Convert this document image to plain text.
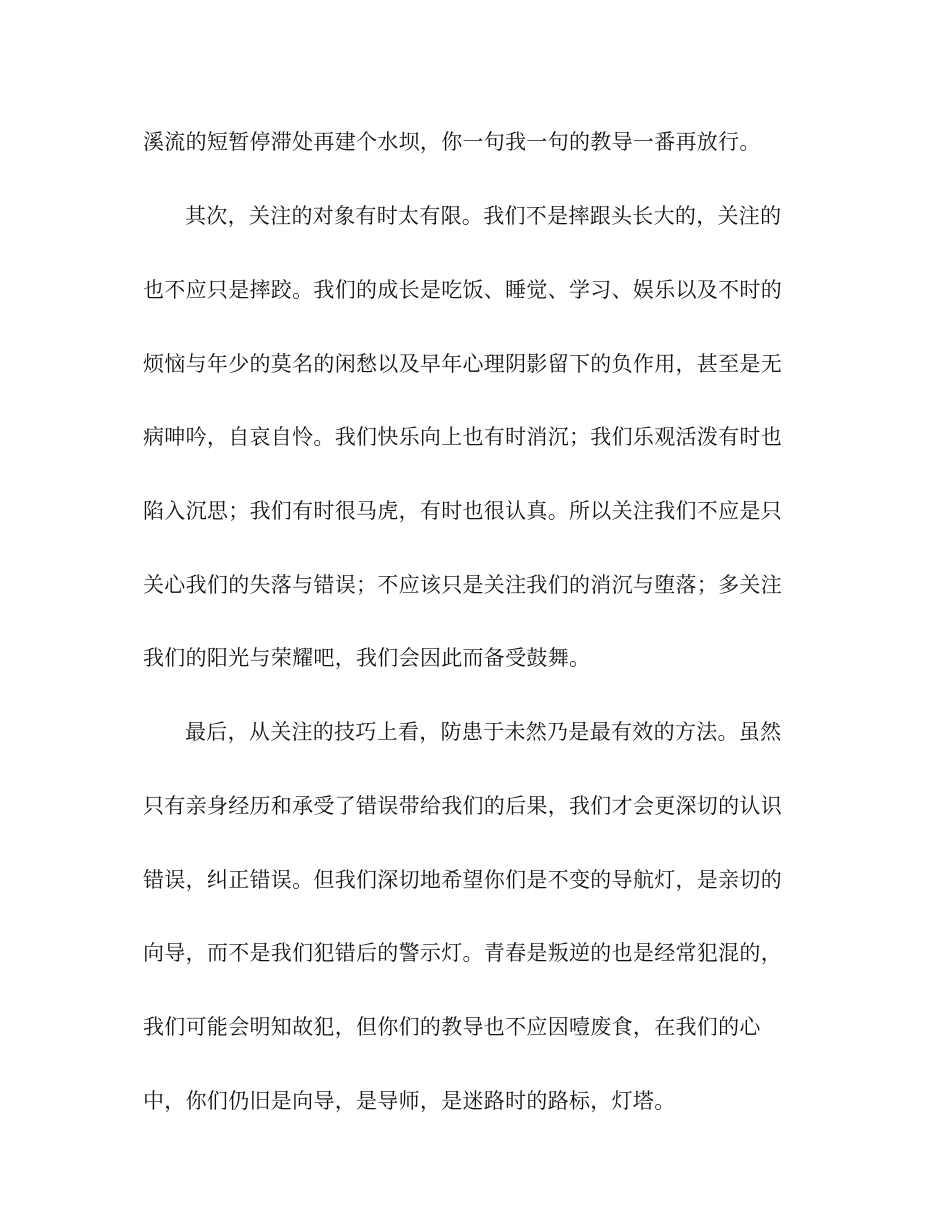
溪流的短暂停滞处再建个水坝，你一句我一句的教导一番再放行。

其次，关注的对象有时太有限。我们不是摔跟头长大的，关注的

也不应只是摔跤。我们的成长是吃饭、睡觉、学习、娱乐以及不时的

烦恼与年少的莫名的闲愁以及早年心理阴影留下的负作用，甚至是无

病呻吟，自哀自怜。我们快乐向上也有时消沉；我们乐观活泼有时也

陷入沉思；我们有时很马虎，有时也很认真。所以关注我们不应是只

关心我们的失落与错误；不应该只是关注我们的消沉与堕落；多关注

我们的阳光与荣耀吧，我们会因此而备受鼓舞。

最后，从关注的技巧上看，防患于未然乃是最有效的方法。虽然

只有亲身经历和承受了错误带给我们的后果，我们才会更深切的认识

错误，纠正错误。但我们深切地希望你们是不变的导航灯，是亲切的

向导，而不是我们犯错后的警示灯。青春是叛逆的也是经常犯混的，

我们可能会明知故犯，但你们的教导也不应因噎废食，在我们的心

中，你们仍旧是向导，是导师，是迷路时的路标，灯塔。
